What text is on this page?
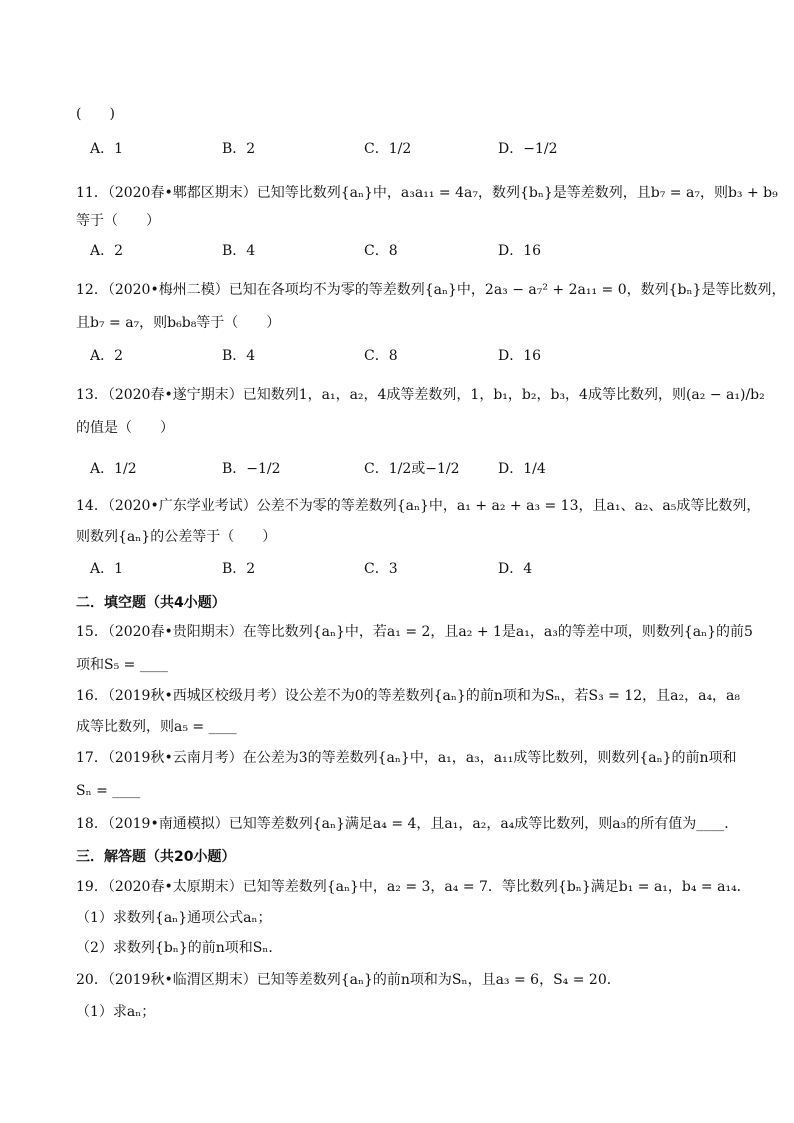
(　　)
A．1	B．2	C．1/2	D．−1/2
11．（2020春•郫都区期末）已知等比数列{aₙ}中，a₃a₁₁ = 4a₇，数列{bₙ}是等差数列，且b₇ = a₇，则b₃ + b₉
等于（　　）
A．2	B．4	C．8	D．16
12．（2020•梅州二模）已知在各项均不为零的等差数列{aₙ}中，2a₃ − a₇² + 2a₁₁ = 0，数列{bₙ}是等比数列，
且b₇ = a₇，则b₆b₈等于（　　）
A．2	B．4	C．8	D．16
13．（2020春•遂宁期末）已知数列1，a₁，a₂，4成等差数列，1，b₁，b₂，b₃，4成等比数列，则(a₂ − a₁)/b₂
的值是（　　）
A．1/2	B．−1/2	C．1/2或−1/2	D．1/4
14．（2020•广东学业考试）公差不为零的等差数列{aₙ}中，a₁ + a₂ + a₃ = 13，且a₁、a₂、a₅成等比数列，
则数列{aₙ}的公差等于（　　）
A．1	B．2	C．3	D．4
二．填空题（共4小题）
15．（2020春•贵阳期末）在等比数列{aₙ}中，若a₁ = 2，且a₂ + 1是a₁，a₃的等差中项，则数列{aₙ}的前5
项和S₅ = ____
16．（2019秋•西城区校级月考）设公差不为0的等差数列{aₙ}的前n项和为Sₙ，若S₃ = 12，且a₂，a₄，a₈
成等比数列，则a₅ = ____
17．（2019秋•云南月考）在公差为3的等差数列{aₙ}中，a₁，a₃，a₁₁成等比数列，则数列{aₙ}的前n项和
Sₙ = ____
18．（2019•南通模拟）已知等差数列{aₙ}满足a₄ = 4，且a₁，a₂，a₄成等比数列，则a₃的所有值为____．
三．解答题（共20小题）
19．（2020春•太原期末）已知等差数列{aₙ}中，a₂ = 3，a₄ = 7．等比数列{bₙ}满足b₁ = a₁，b₄ = a₁₄．
（1）求数列{aₙ}通项公式aₙ；
（2）求数列{bₙ}的前n项和Sₙ．
20．（2019秋•临渭区期末）已知等差数列{aₙ}的前n项和为Sₙ，且a₃ = 6，S₄ = 20．
（1）求aₙ；
